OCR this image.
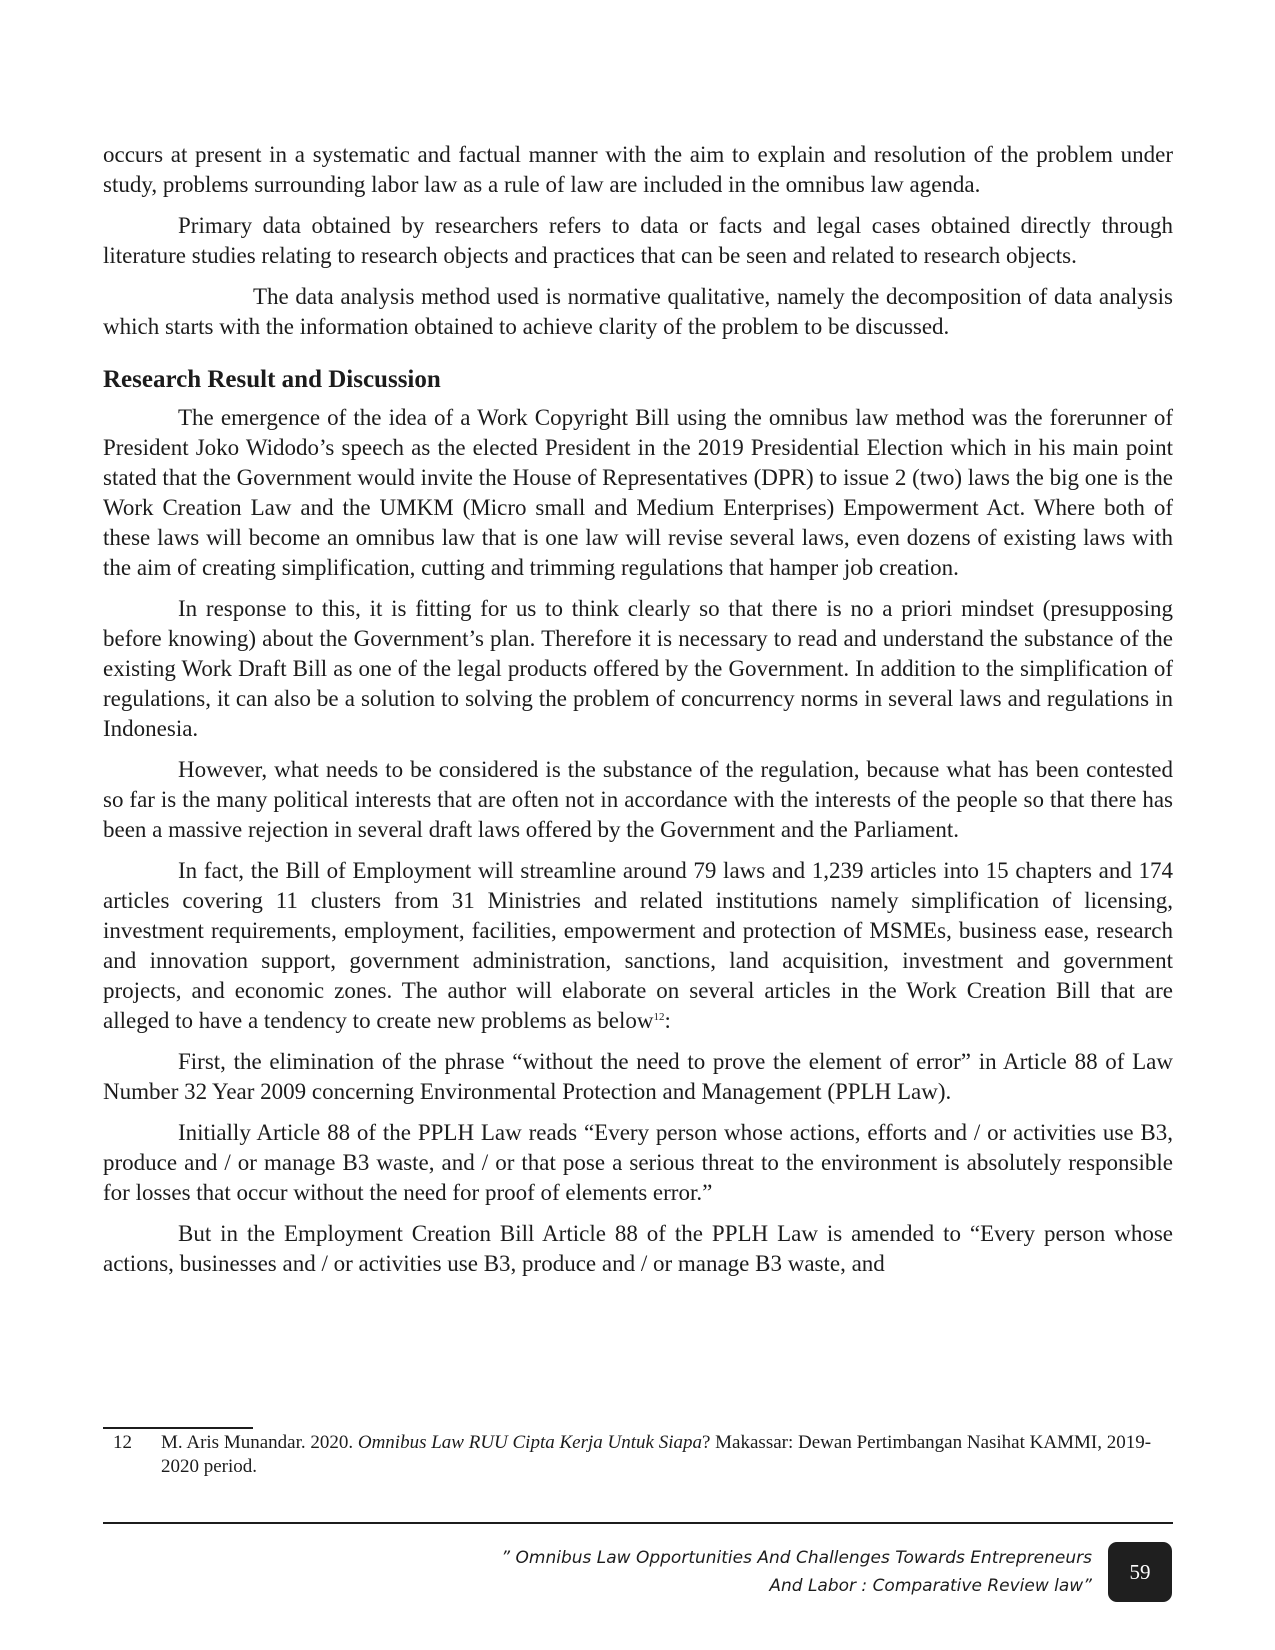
occurs at present in a systematic and factual manner with the aim to explain and resolution of the problem under study, problems surrounding labor law as a rule of law are included in the omnibus law agenda.

Primary data obtained by researchers refers to data or facts and legal cases obtained directly through literature studies relating to research objects and practices that can be seen and related to research objects.

The data analysis method used is normative qualitative, namely the decomposition of data analysis which starts with the information obtained to achieve clarity of the problem to be discussed.

Research Result and Discussion

The emergence of the idea of a Work Copyright Bill using the omnibus law method was the forerunner of President Joko Widodo’s speech as the elected President in the 2019 Presidential Election which in his main point stated that the Government would invite the House of Representatives (DPR) to issue 2 (two) laws the big one is the Work Creation Law and the UMKM (Micro small and Medium Enterprises) Empowerment Act. Where both of these laws will become an omnibus law that is one law will revise several laws, even dozens of existing laws with the aim of creating simplification, cutting and trimming regulations that hamper job creation.

In response to this, it is fitting for us to think clearly so that there is no a priori mindset (presupposing before knowing) about the Government’s plan. Therefore it is necessary to read and understand the substance of the existing Work Draft Bill as one of the legal products offered by the Government. In addition to the simplification of regulations, it can also be a solution to solving the problem of concurrency norms in several laws and regulations in Indonesia.

However, what needs to be considered is the substance of the regulation, because what has been contested so far is the many political interests that are often not in accordance with the interests of the people so that there has been a massive rejection in several draft laws offered by the Government and the Parliament.

In fact, the Bill of Employment will streamline around 79 laws and 1,239 articles into 15 chapters and 174 articles covering 11 clusters from 31 Ministries and related institutions namely simplification of licensing, investment requirements, employment, facilities, empowerment and protection of MSMEs, business ease, research and innovation support, government administration, sanctions, land acquisition, investment and government projects, and economic zones. The author will elaborate on several articles in the Work Creation Bill that are alleged to have a tendency to create new problems as below$^{12}$:

First, the elimination of the phrase “without the need to prove the element of error” in Article 88 of Law Number 32 Year 2009 concerning Environmental Protection and Management (PPLH Law).

Initially Article 88 of the PPLH Law reads “Every person whose actions, efforts and / or activities use B3, produce and / or manage B3 waste, and / or that pose a serious threat to the environment is absolutely responsible for losses that occur without the need for proof of elements error.”

But in the Employment Creation Bill Article 88 of the PPLH Law is amended to “Every person whose actions, businesses and / or activities use B3, produce and / or manage B3 waste, and

12 M. Aris Munandar. 2020. Omnibus Law RUU Cipta Kerja Untuk Siapa? Makassar: Dewan Pertimbangan Nasihat KAMMI, 2019-2020 period.
” Omnibus Law Opportunities And Challenges Towards Entrepreneurs
And Labor : Comparative Review law”
59
